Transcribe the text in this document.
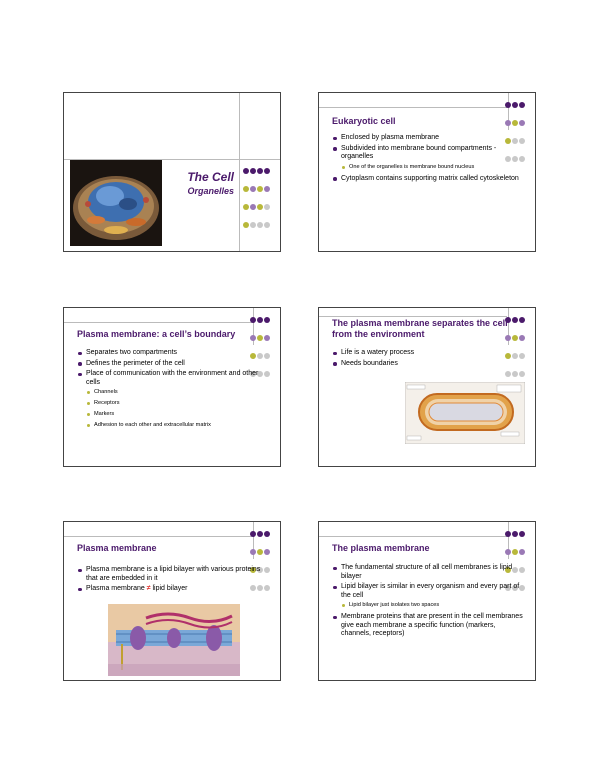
The Cell
Organelles

Eukaryotic cell
Enclosed by plasma membrane
Subdivided into membrane bound compartments - organelles
One of the organelles is membrane bound nucleus
Cytoplasm contains supporting matrix called cytoskeleton

Plasma membrane: a cell’s boundary
Separates two compartments
Defines the perimeter of the cell
Place of communication with the environment and other cells
Channels
Receptors
Markers
Adhesion to each other and extracellular matrix

The plasma membrane separates the cell from the environment
Life is a watery process
Needs boundaries

Plasma membrane
Plasma membrane is a lipid bilayer with various proteins that are embedded in it
Plasma membrane ≠ lipid bilayer

The plasma membrane
The fundamental structure of all cell membranes is lipid bilayer
Lipid bilayer is similar in every organism and every part of the cell
Lipid bilayer just isolates two spaces
Membrane proteins that are present in the cell membranes give each membrane a specific function (markers, channels, receptors)
